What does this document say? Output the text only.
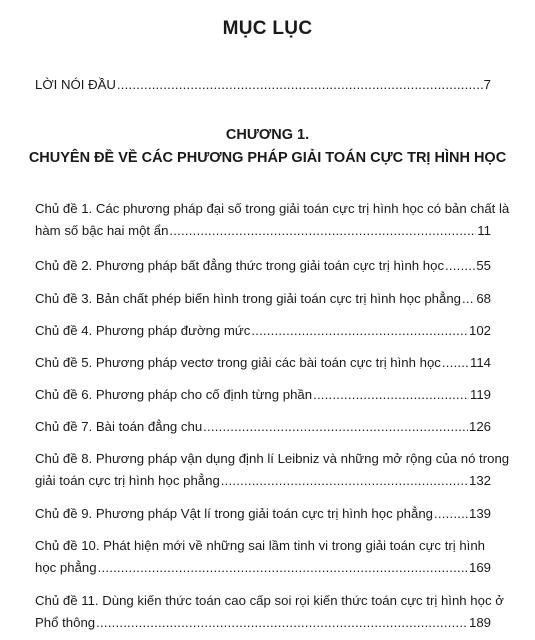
MỤC LỤC
LỜI NÓI ĐẦU .....	7
CHƯƠNG 1.
CHUYÊN ĐỀ VỀ CÁC PHƯƠNG PHÁP GIẢI TOÁN CỰC TRỊ HÌNH HỌC
Chủ đề 1. Các phương pháp đại số trong giải toán cực trị hình học có bản chất là
hàm số bậc hai một ẩn .....	11
Chủ đề 2. Phương pháp bất đẳng thức trong giải toán cực trị hình học ..... 55
Chủ đề 3. Bản chất phép biến hình trong giải toán cực trị hình học phẳng ..... 68
Chủ đề 4. Phương pháp đường mức .....	102
Chủ đề 5. Phương pháp vectơ trong giải các bài toán cực trị hình học ..... 114
Chủ đề 6. Phương pháp cho cố định từng phần .....	119
Chủ đề 7. Bài toán đẳng chu .....	126
Chủ đề 8. Phương pháp vận dụng định lí Leibniz và những mở rộng của nó trong
giải toán cực trị hình học phẳng .....	132
Chủ đề 9. Phương pháp Vật lí trong giải toán cực trị hình học phẳng .....	139
Chủ đề 10. Phát hiện mới về những sai lầm tinh vi trong giải toán cực trị hình
học phẳng .....	169
Chủ đề 11. Dùng kiến thức toán cao cấp soi rọi kiến thức toán cực trị hình học ở
Phổ thông .....	189
